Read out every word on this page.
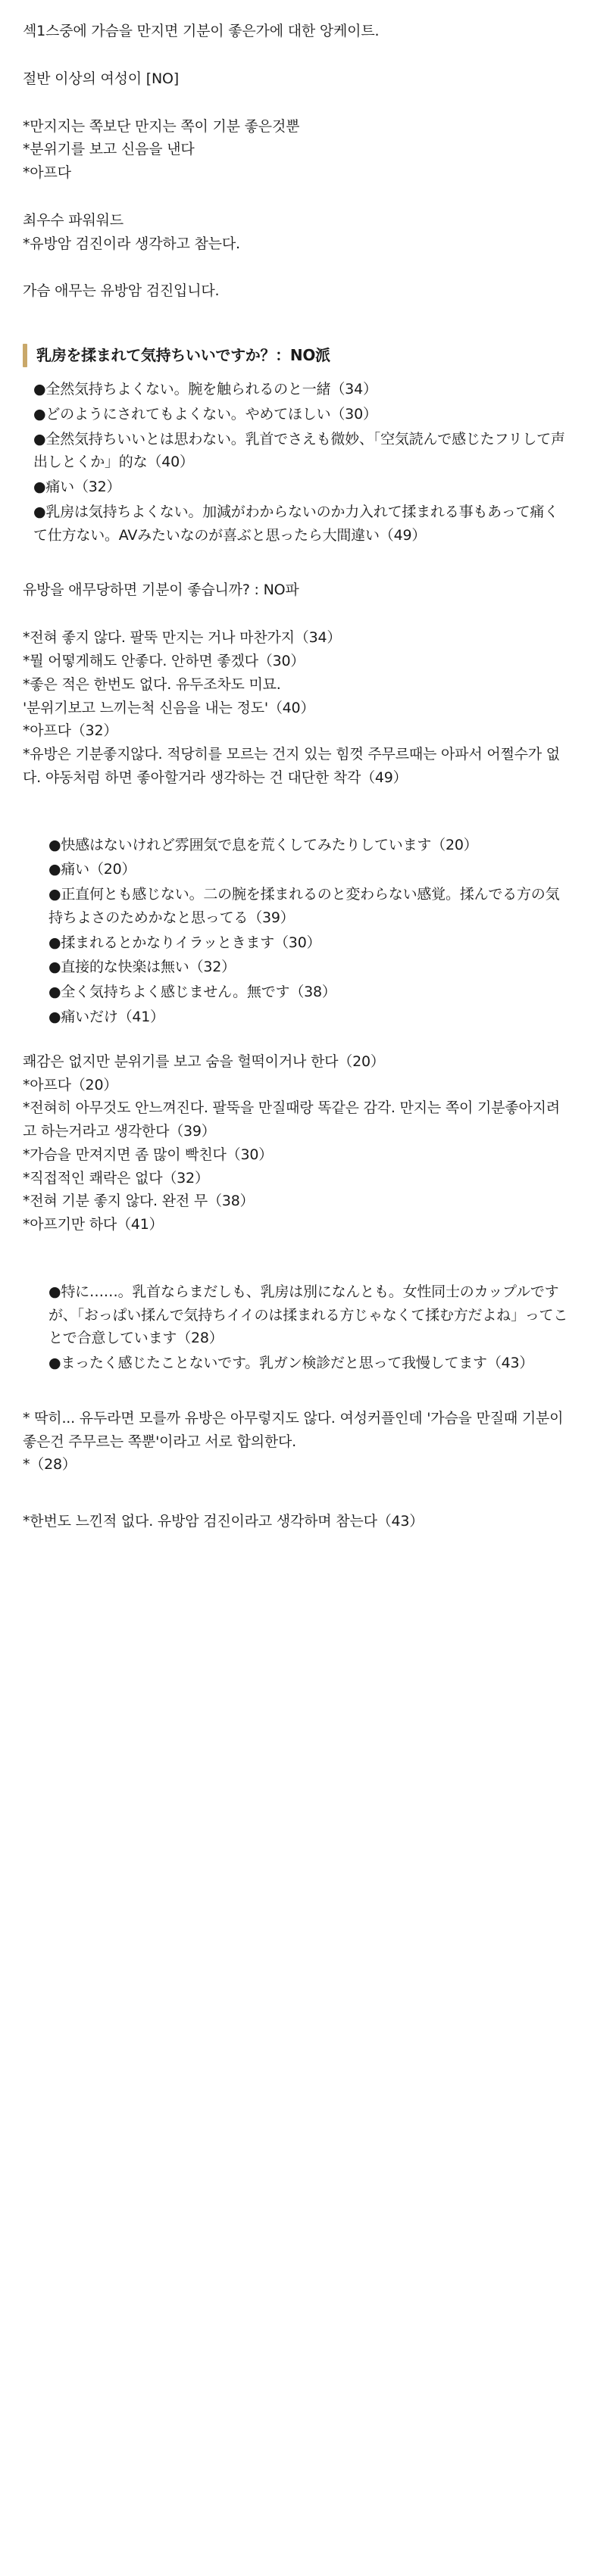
섹1스중에 가슴을 만지면 기분이 좋은가에 대한 앙케이트.
절반 이상의 여성이 [NO]
*만지지는 쪽보단 만지는 쪽이 기분 좋은것뿐
*분위기를 보고 신음을 낸다
*아프다
최우수 파워워드
*유방암 검진이라 생각하고 참는다.
가슴 애무는 유방암 검진입니다.
乳房を揉まれて気持ちいいですか？：NO派
●全然気持ちよくない。腕を触られるのと一緒（34）
●どのようにされてもよくない。やめてほしい（30）
●全然気持ちいいとは思わない。乳首でさえも微妙、「空気読んで感じたフリして声出しとくか」的な（40）
●痛い（32）
●乳房は気持ちよくない。加減がわからないのか力入れて揉まれる事もあって痛くて仕方ない。AVみたいなのが喜ぶと思ったら大間違い（49）
유방을 애무당하면 기분이 좋습니까? : NO파
*전혀 좋지 않다. 팔뚝 만지는 거나 마찬가지（34）
*뭘 어떻게해도 안좋다. 안하면 좋겠다（30）
*좋은 적은 한번도 없다. 유두조차도 미묘.
'분위기보고 느끼는척 신음을 내는 정도'（40）
*아프다（32）
*유방은 기분좋지않다. 적당히를 모르는 건지 있는 힘껏 주무르때는 아파서 어쩔수가 없다. 야동처럼 하면 좋아할거라 생각하는 건 대단한 착각（49）
●快感はないけれど雰囲気で息を荒くしてみたりしています（20）
●痛い（20）
●正直何とも感じない。二の腕を揉まれるのと変わらない感覚。揉んでる方の気持ちよさのためかなと思ってる（39）
●揉まれるとかなりイラッときます（30）
●直接的な快楽は無い（32）
●全く気持ちよく感じません。無です（38）
●痛いだけ（41）
쾌감은 없지만 분위기를 보고 숨을 헐떡이거나 한다（20）
*아프다（20）
*전혀히 아무것도 안느껴진다. 팔뚝을 만질때랑 똑같은 감각. 만지는 쪽이 기분좋아지려고 하는거라고 생각한다（39）
*가슴을 만져지면 좀 많이 빡친다（30）
*직접적인 쾌락은 없다（32）
*전혀 기분 좋지 않다. 완전 무（38）
*아프기만 하다（41）
●特に……。乳首ならまだしも、乳房は別になんとも。女性同士のカップルですが、「おっぱい揉んで気持ちイイのは揉まれる方じゃなくて揉む方だよね」ってことで合意しています（28）
●まったく感じたことないです。乳ガン検診だと思って我慢してます（43）
* 딱히... 유두라면 모를까 유방은 아무렇지도 않다. 여성커플인데 '가슴을 만질때 기분이 좋은건 주무르는 쪽뿐'이라고 서로 합의한다.
*（28）
*한번도 느낀적 없다. 유방암 검진이라고 생각하며 참는다（43）
